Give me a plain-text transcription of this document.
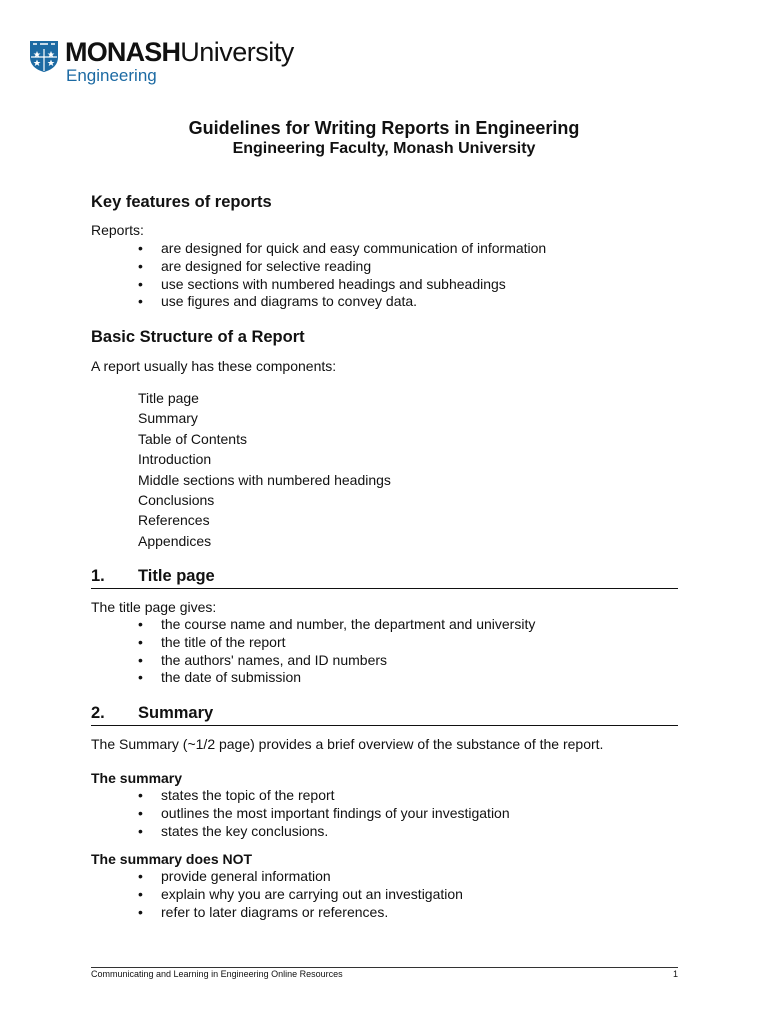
MONASHUniversity
Engineering
Guidelines for Writing Reports in Engineering
Engineering Faculty, Monash University
Key features of reports
Reports:
• are designed for quick and easy communication of information
• are designed for selective reading
• use sections with numbered headings and subheadings
• use figures and diagrams to convey data.
Basic Structure of a Report
A report usually has these components:
Title page
Summary
Table of Contents
Introduction
Middle sections with numbered headings
Conclusions
References
Appendices
1. Title page
The title page gives:
• the course name and number, the department and university
• the title of the report
• the authors' names, and ID numbers
• the date of submission
2. Summary
The Summary (~1/2 page) provides a brief overview of the substance of the report.
The summary
• states the topic of the report
• outlines the most important findings of your investigation
• states the key conclusions.
The summary does NOT
• provide general information
• explain why you are carrying out an investigation
• refer to later diagrams or references.
Communicating and Learning in Engineering Online Resources	1
